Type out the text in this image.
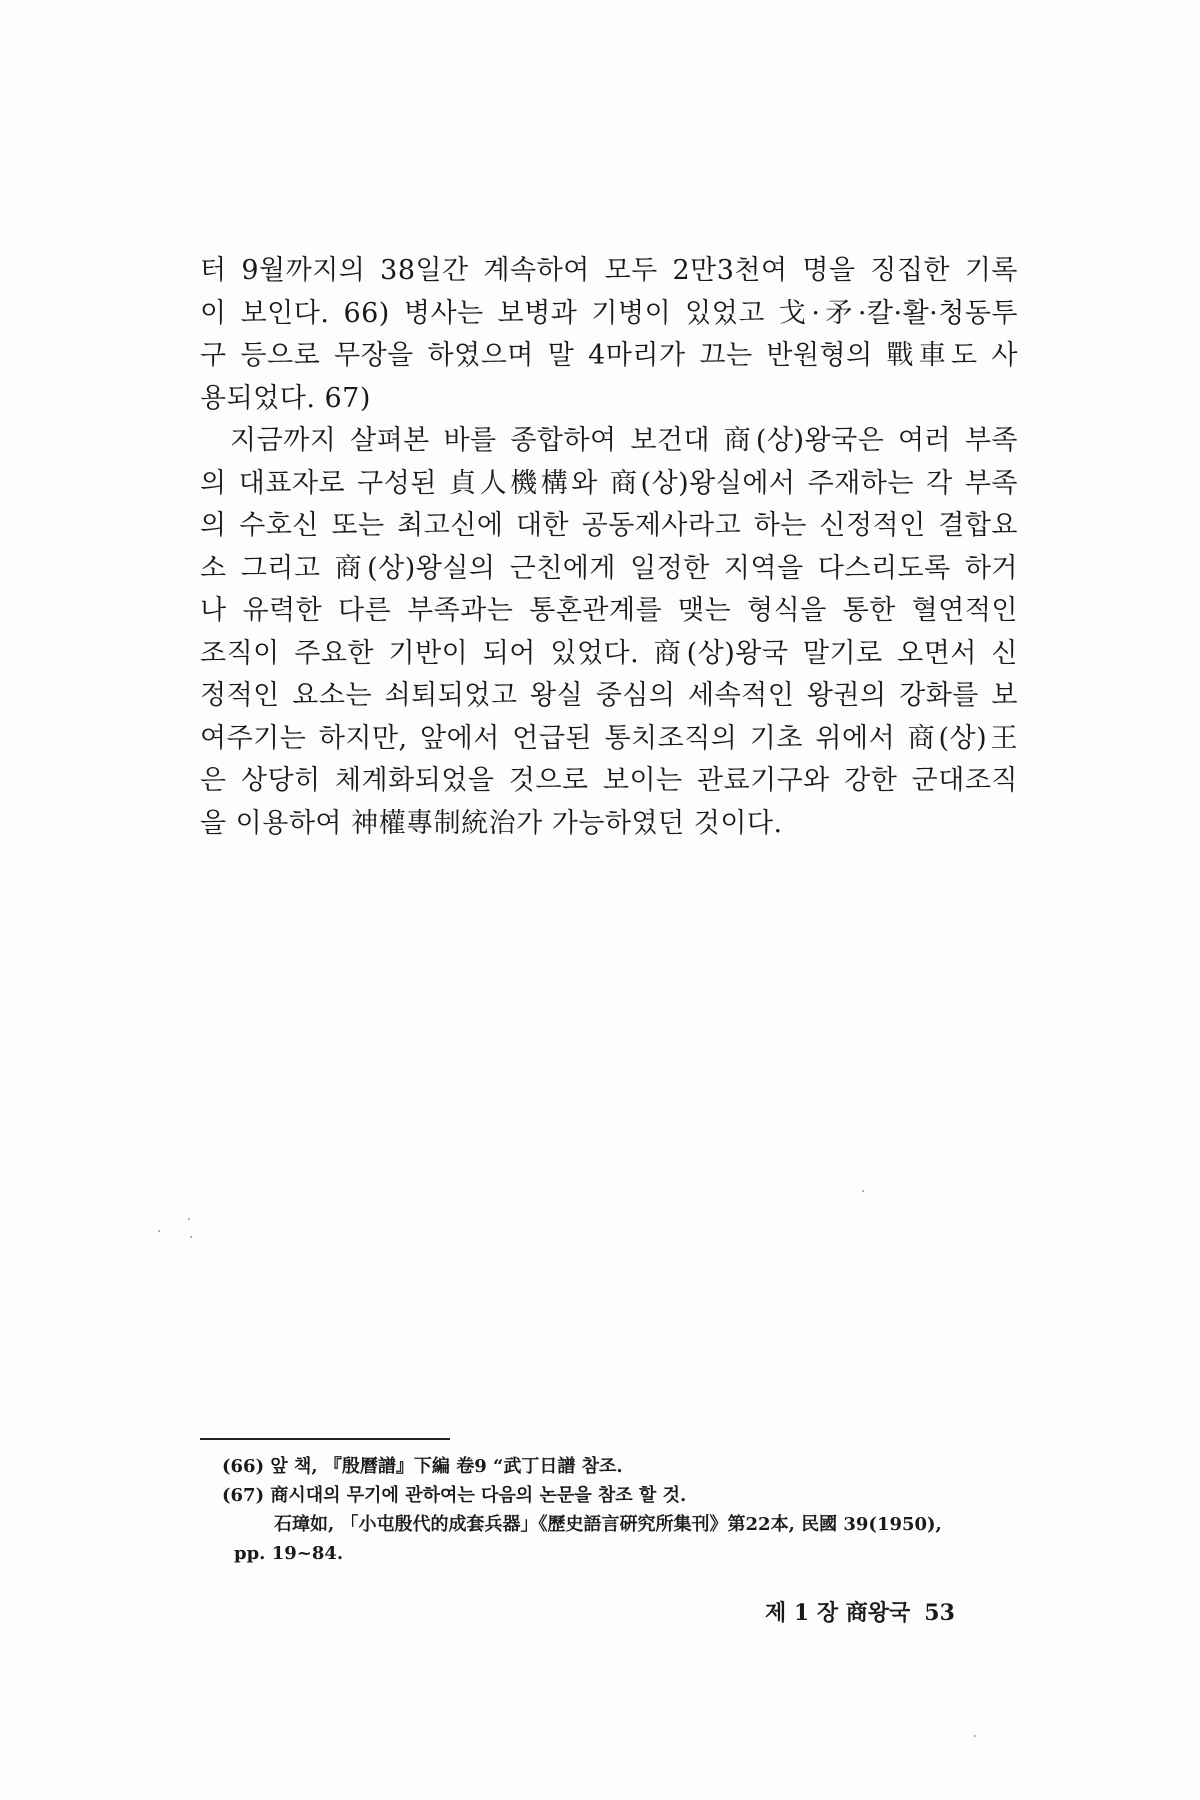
터 9월까지의 38일간 계속하여 모두 2만3천여 명을 징집한 기록
이 보인다. 66) 병사는 보병과 기병이 있었고 戈·矛·칼·활·청동투
구 등으로 무장을 하였으며 말 4마리가 끄는 반원형의 戰車도 사
용되었다. 67)
지금까지 살펴본 바를 종합하여 보건대 商(상)왕국은 여러 부족
의 대표자로 구성된 貞人機構와 商(상)왕실에서 주재하는 각 부족
의 수호신 또는 최고신에 대한 공동제사라고 하는 신정적인 결합요
소 그리고 商(상)왕실의 근친에게 일정한 지역을 다스리도록 하거
나 유력한 다른 부족과는 통혼관계를 맺는 형식을 통한 혈연적인
조직이 주요한 기반이 되어 있었다. 商(상)왕국 말기로 오면서 신
정적인 요소는 쇠퇴되었고 왕실 중심의 세속적인 왕권의 강화를 보
여주기는 하지만, 앞에서 언급된 통치조직의 기초 위에서 商(상)王
은 상당히 체계화되었을 것으로 보이는 관료기구와 강한 군대조직
을 이용하여 神權專制統治가 가능하였던 것이다.
(66) 앞 책, 『殷曆譜』下編 卷9 “武丁日譜 참조.
(67) 商시대의 무기에 관하여는 다음의 논문을 참조 할 것.
石璋如, 「小屯殷代的成套兵器」《歷史語言硏究所集刊》第22本, 民國 39(1950),
pp. 19~84.
제 1 장 商왕국 53
